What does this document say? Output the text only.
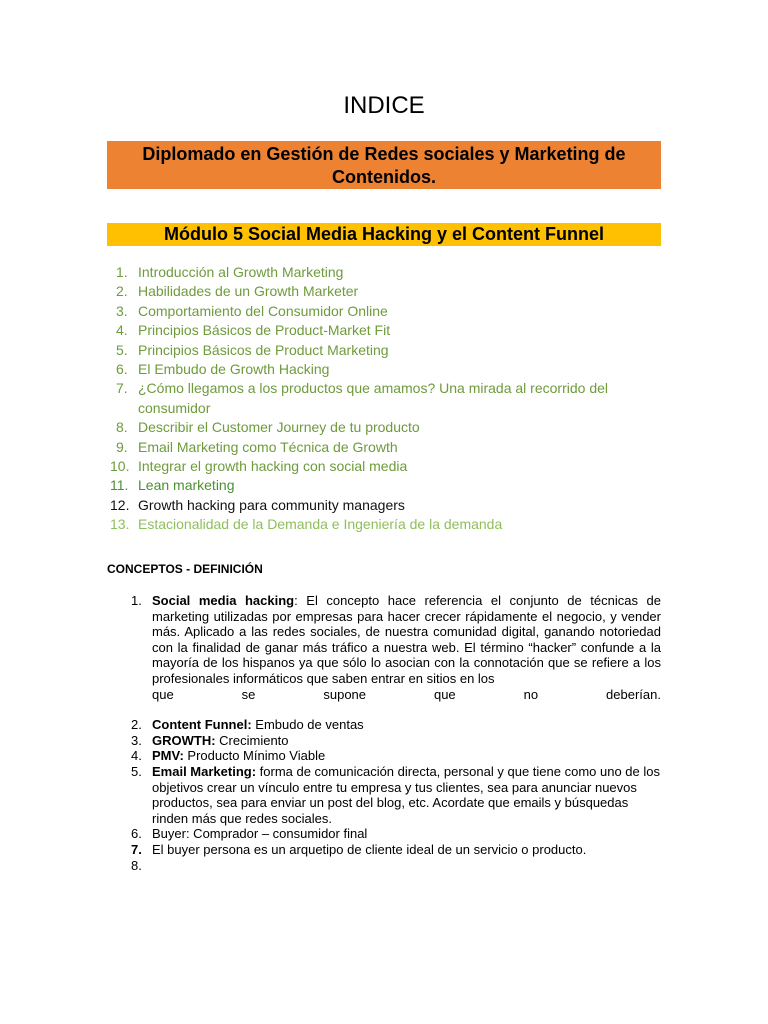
INDICE
Diplomado en Gestión de Redes sociales y Marketing de Contenidos.
Módulo 5 Social Media Hacking y el Content Funnel
1. Introducción al Growth Marketing
2. Habilidades de un Growth Marketer
3. Comportamiento del Consumidor Online
4. Principios Básicos de Product-Market Fit
5. Principios Básicos de Product Marketing
6. El Embudo de Growth Hacking
7. ¿Cómo llegamos a los productos que amamos? Una mirada al recorrido del consumidor
8. Describir el Customer Journey de tu producto
9. Email Marketing como Técnica de Growth
10. Integrar el growth hacking con social media
11. Lean marketing
12. Growth hacking para community managers
13. Estacionalidad de la Demanda e Ingeniería de la demanda
CONCEPTOS - DEFINICIÓN
1. Social media hacking: El concepto hace referencia el conjunto de técnicas de marketing utilizadas por empresas para hacer crecer rápidamente el negocio, y vender más. Aplicado a las redes sociales, de nuestra comunidad digital, ganando notoriedad con la finalidad de ganar más tráfico a nuestra web. El término “hacker” confunde a la mayoría de los hispanos ya que sólo lo asocian con la connotación que se refiere a los profesionales informáticos que saben entrar en sitios en los
que se supone que no deberían.
2. Content Funnel: Embudo de ventas
3. GROWTH: Crecimiento
4. PMV: Producto Mínimo Viable
5. Email Marketing: forma de comunicación directa, personal y que tiene como uno de los objetivos crear un vínculo entre tu empresa y tus clientes, sea para anunciar nuevos productos, sea para enviar un post del blog, etc. Acordate que emails y búsquedas rinden más que redes sociales.
6. Buyer: Comprador – consumidor final
7. El buyer persona es un arquetipo de cliente ideal de un servicio o producto.
8.
